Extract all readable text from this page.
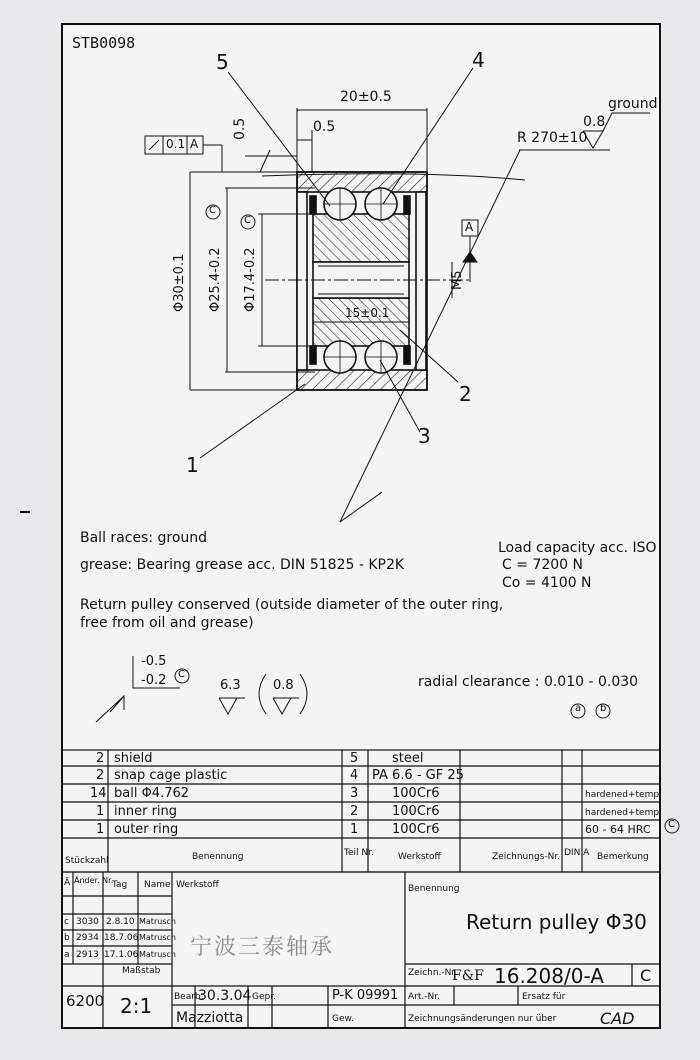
STB0098
20±0.5
0.5
0.5	R 270±10
0.8
ground
0.1 A
Φ30±0.1 Φ25.4-0.2 Φ17.4-0.2
15±0.1
M5
A
C
C
5	4
1
2
3
Ball races: ground
grease: Bearing grease acc. DIN 51825 - KP2K
Return pulley conserved (outside diameter of the outer ring,
free from oil and grease)
Load capacity acc. ISO
C = 7200 N
Co = 4100 N
radial clearance : 0.010 - 0.030
a b
-0.5
-0.2 C
6.3 0.8
2 shield	5	steel
2 snap cage plastic	4 PA 6.6 - GF 25
14 ball Φ4.762	3	100Cr6	hardened+temp.
1 inner ring	2	100Cr6	hardened+temp.
1 outer ring	1	100Cr6	60 - 64 HRC C
Stückzahl	Benennung	Teil Nr.	Werkstoff	Zeichnungs-Nr. DIN A Bemerkung
Ä Änder. Nr.
Tag Name Werkstoff
c 3030 2.8.10 Matrusch
b 2934 18.7.06 Matrusch
a 2913 17.1.06 Matrusch
Maßstab
6200 2:1 Bearb.
30.3.04 Gepr.	P-K 09991
Mazziotta	Gew.
Benennung
Return pulley Φ30
Zeichn.-Nr.
F&F 16.208/0-A C
Art.-Nr.	Ersatz für
Zeichnungsänderungen nur über	CAD
宁波三泰轴承
